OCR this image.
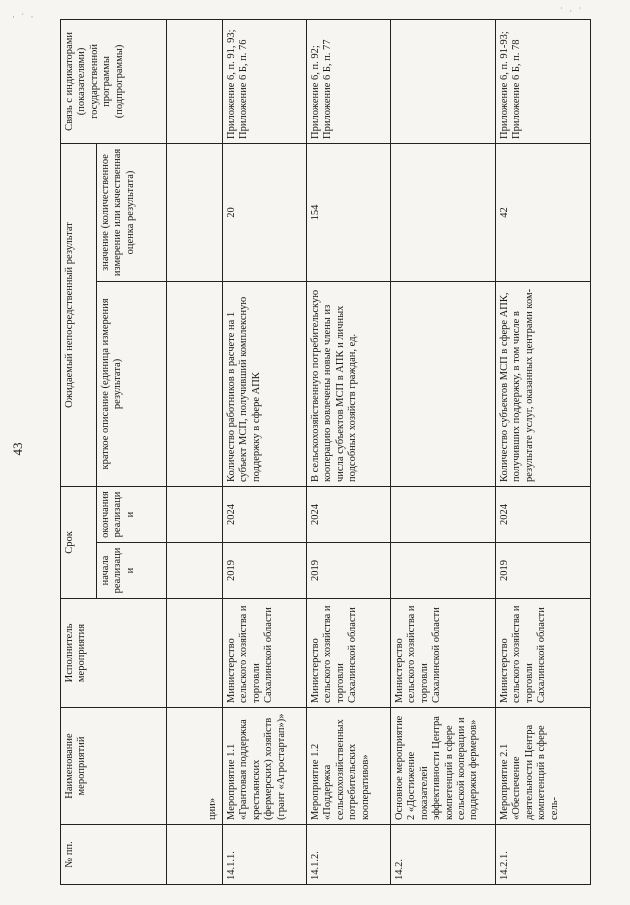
43
· ˙ ·
˙ · ˙
№ пп.	Наименование мероприятий	Исполнитель мероприятия	Срок		Ожидаемый непосредственный результат		Связь с индикаторами (показателями) государственной программы (подпрограммы)
			начала реализации	окончания реализации	краткое описание (единица измерения результата)	значение (количественное измерение или качественная оценка результата)	
	ции»						
14.1.1.	Мероприятие 1.1 «Грантовая поддержка крестьянских (фермерских) хозяйств (грант «Агростартап»)»	Министерство сельского хозяйства и торговли Сахалинской области	2019	2024	Количество работников в расчете на 1 субъект МСП, получивший комплексную поддержку в сфере АПК	20	Приложение 6, п. 91, 93; Приложение 6 Б, п. 76
14.1.2.	Мероприятие 1.2 «Поддержка сельскохозяйственных потребительских кооперативов»	Министерство сельского хозяйства и торговли Сахалинской области	2019	2024	В сельскохозяйственную потребительскую кооперацию вовлечены новые члены из числа субъектов МСП в АПК и личных подсобных хозяйств граждан, ед.	154	Приложение 6, п. 92; Приложение 6 Б, п. 77
14.2.	Основное мероприятие 2 «Достижение показателей эффективности Центра компетенций в сфере сельской кооперации и поддержки фермеров»	Министерство сельского хозяйства и торговли Сахалинской области					
14.2.1.	Мероприятие 2.1 «Обеспечение деятельности Центра компетенций в сфере сель-	Министерство сельского хозяйства и торговли Сахалинской области	2019	2024	Количество субъектов МСП в сфере АПК, получивших поддержку, в том числе в результате услуг, оказанных центрами ком-	42	Приложение 6, п. 91-93; Приложение 6 Б, п. 78
